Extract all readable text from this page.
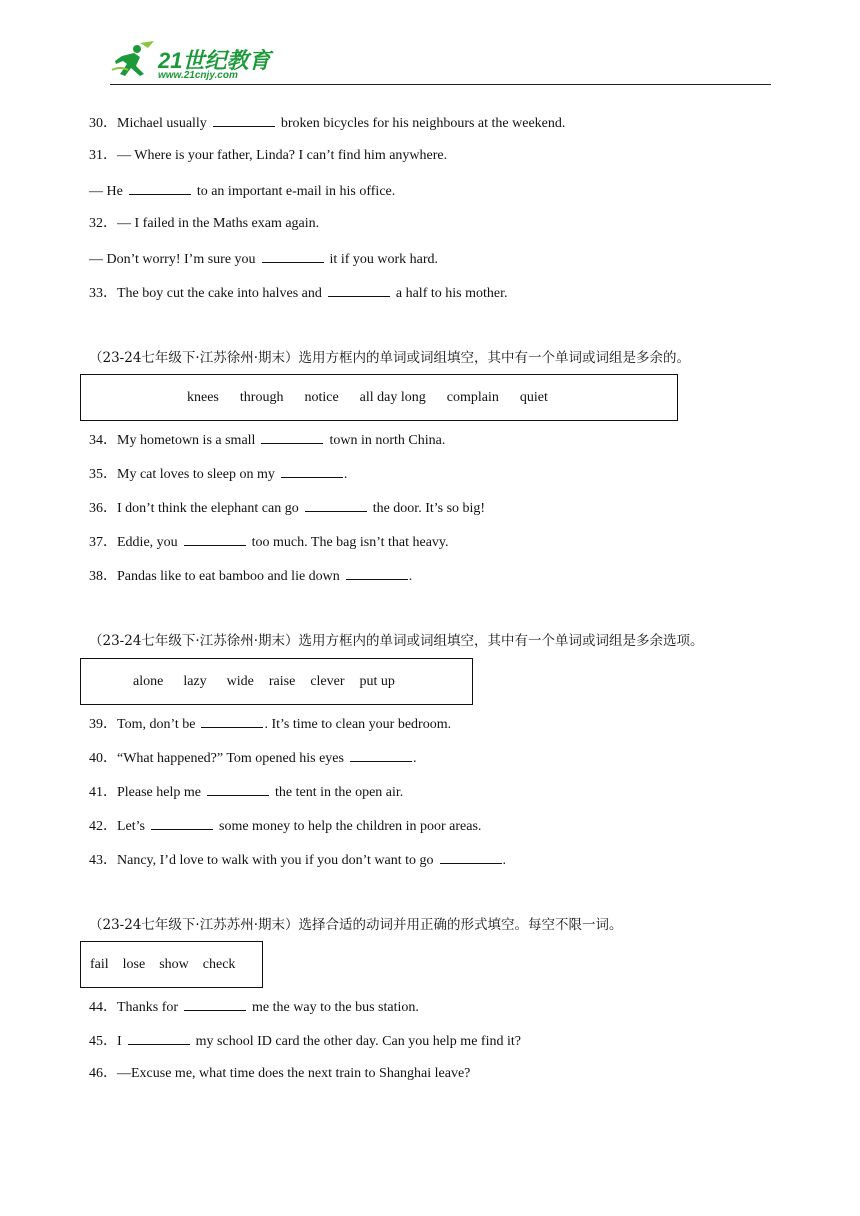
21世纪教育
www.21cnjy.com
30．Michael usually	broken bicycles for his neighbours at the weekend.
31．— Where is your father, Linda? I can’t find him anywhere.
— He	to an important e-mail in his office.
32．— I failed in the Maths exam again.
— Don’t worry! I’m sure you	it if you work hard.
33．The boy cut the cake into halves and	a half to his mother.
（23-24七年级下·江苏徐州·期末）选用方框内的单词或词组填空，其中有一个单词或词组是多余的。
knees through notice all day long complain quiet
34．My hometown is a small	town in north China.
35．My cat loves to sleep on my	.
36．I don’t think the elephant can go	the door. It’s so big!
37．Eddie, you	too much. The bag isn’t that heavy.
38．Pandas like to eat bamboo and lie down	.
（23-24七年级下·江苏徐州·期末）选用方框内的单词或词组填空，其中有一个单词或词组是多余选项。
alone lazy wide raise clever put up
39．Tom, don’t be	. It’s time to clean your bedroom.
40．“What happened?” Tom opened his eyes	.
41．Please help me	the tent in the open air.
42．Let’s	some money to help the children in poor areas.
43．Nancy, I’d love to walk with you if you don’t want to go	.
（23-24七年级下·江苏苏州·期末）选择合适的动词并用正确的形式填空。每空不限一词。
fail lose show check
44．Thanks for	me the way to the bus station.
45．I	my school ID card the other day. Can you help me find it?
46．—Excuse me, what time does the next train to Shanghai leave?
